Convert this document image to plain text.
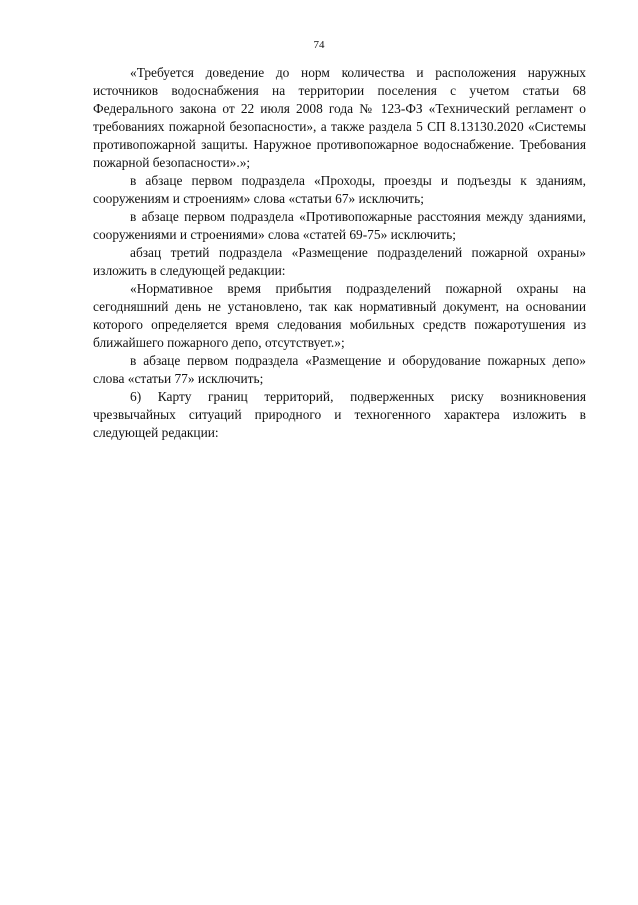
74

«Требуется доведение до норм количества и расположения наружных источников водоснабжения на территории поселения с учетом статьи 68 Федерального закона от 22 июля 2008 года № 123-ФЗ «Технический регламент о требованиях пожарной безопасности», а также раздела 5 СП 8.13130.2020 «Системы противопожарной защиты. Наружное противопожарное водоснабжение. Требования пожарной безопасности».»;

в абзаце первом подраздела «Проходы, проезды и подъезды к зданиям, сооружениям и строениям» слова «статьи 67» исключить;

в абзаце первом подраздела «Противопожарные расстояния между зданиями, сооружениями и строениями» слова «статей 69-75» исключить;

абзац третий подраздела «Размещение подразделений пожарной охраны» изложить в следующей редакции:

«Нормативное время прибытия подразделений пожарной охраны на сегодняшний день не установлено, так как нормативный документ, на основании которого определяется время следования мобильных средств пожаротушения из ближайшего пожарного депо, отсутствует.»;

в абзаце первом подраздела «Размещение и оборудование пожарных депо» слова «статьи 77» исключить;

6) Карту границ территорий, подверженных риску возникновения чрезвычайных ситуаций природного и техногенного характера изложить в следующей редакции:
